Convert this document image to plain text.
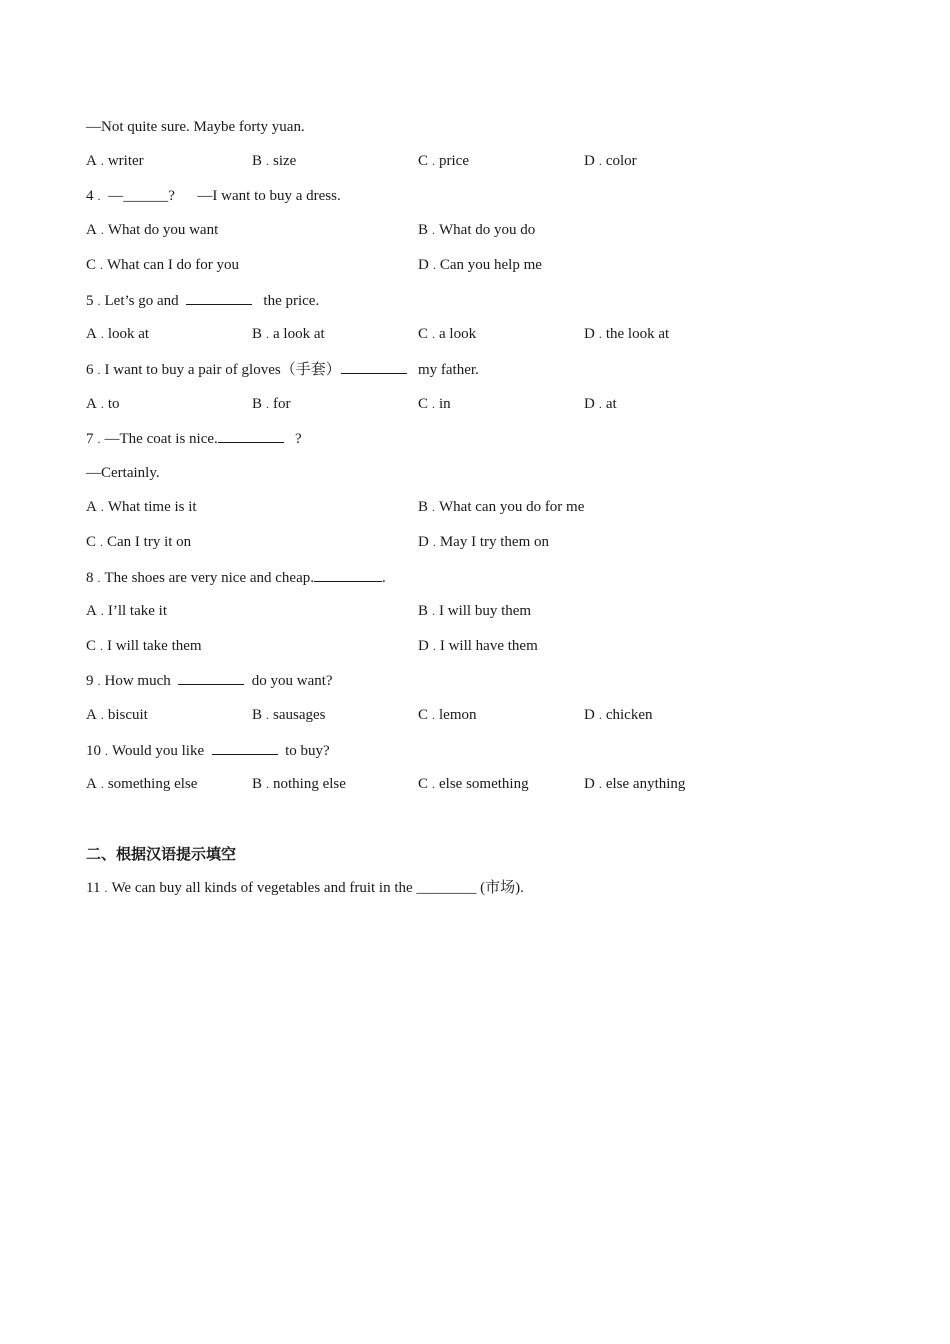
—Not quite sure. Maybe forty yuan.
A . writer	B . size	C . price	D . color
4 . —______? —I want to buy a dress.
A . What do you want	B . What do you do
C . What can I do for you	D . Can you help me
5 . Let’s go and	the price.
A . look at	B . a look at	C . a look	D . the look at
6 . I want to buy a pair of gloves（手套）	my father.
A . to	B . for	C . in	D . at
7 . —The coat is nice.	?
—Certainly.
A . What time is it	B . What can you do for me
C . Can I try it on	D . May I try them on
8 . The shoes are very nice and cheap.	.
A . I’ll take it	B . I will buy them
C . I will take them	D . I will have them
9 . How much	do you want?
A . biscuit	B . sausages	C . lemon	D . chicken
10 . Would you like	to buy?
A . something else	B . nothing else	C . else something	D . else anything
二、根据汉语提示填空
11 . We can buy all kinds of vegetables and fruit in the ________ (市场).
